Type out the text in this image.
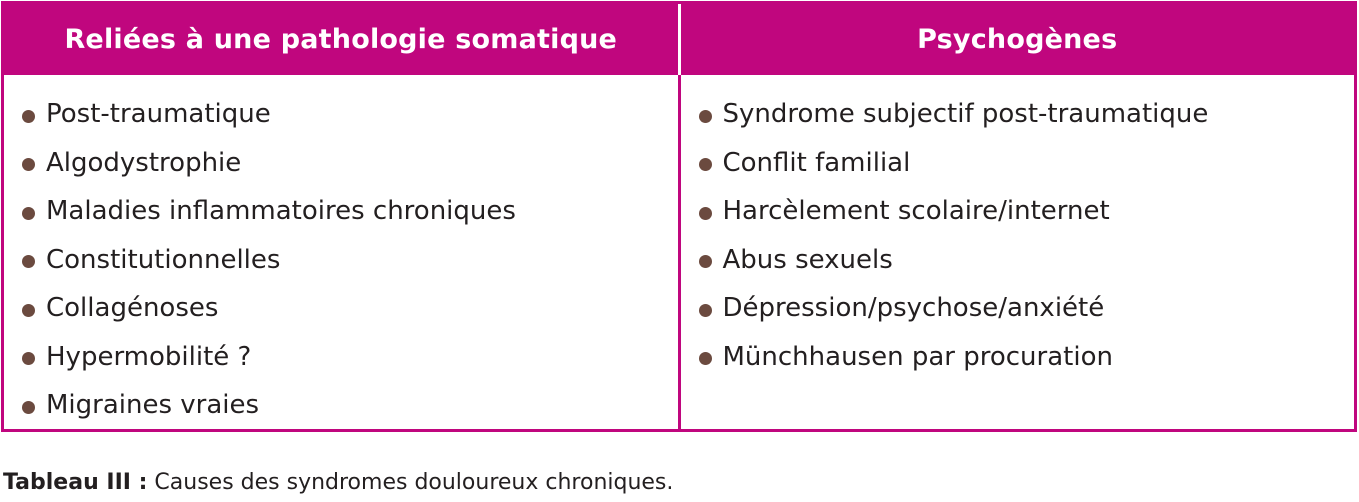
Reliées à une pathologie somatique	Psychogènes
Post-traumatique
Algodystrophie
Maladies inflammatoires chroniques
Constitutionnelles
Collagénoses
Hypermobilité ?
Migraines vraies
Syndrome subjectif post-traumatique
Conflit familial
Harcèlement scolaire/internet
Abus sexuels
Dépression/psychose/anxiété
Münchhausen par procuration
Tableau III : Causes des syndromes douloureux chroniques.
